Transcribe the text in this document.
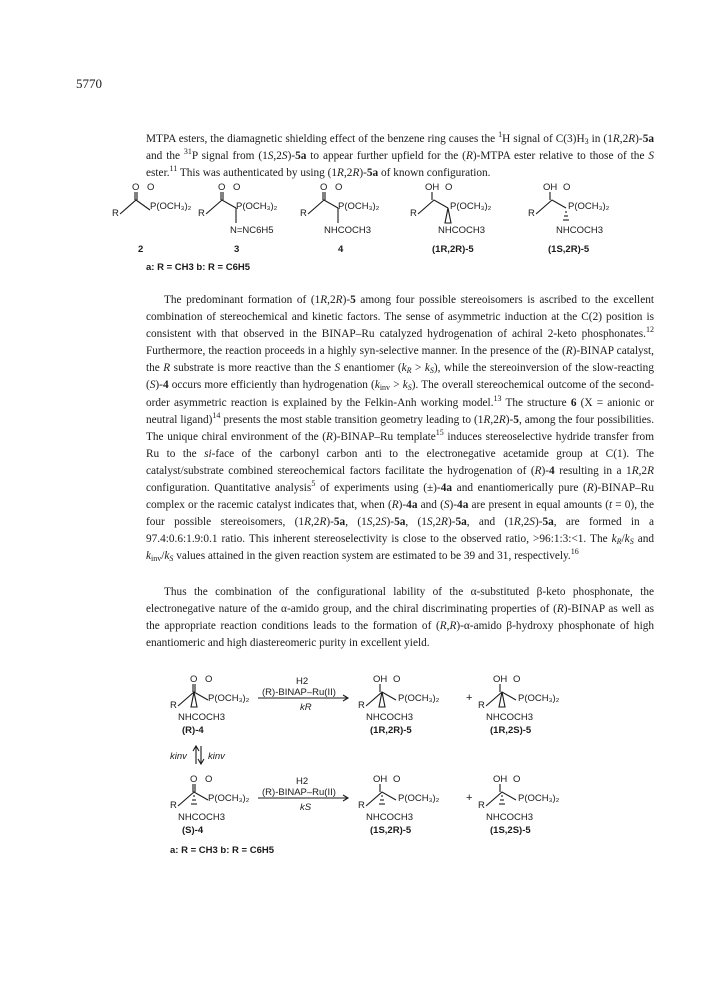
5770

MTPA esters, the diamagnetic shielding effect of the benzene ring causes the $^1$H signal of $C(3)H_3$ in (1R,2R)-5a and the $^{31}$P signal from (1S,2S)-5a to appear further upfield for the (R)-MTPA ester relative to those of the S ester.$^{11}$ This was authenticated by using (1R,2R)-5a of known configuration.

O O
R
P(OCH₃)₂
O O
R
P(OCH₃)₂
N=NC6H5
O O
R
P(OCH₃)₂
NHCOCH3
OH O
R
P(OCH₃)₂
NHCOCH3
OH O
R
P(OCH₃)₂
NHCOCH3
2	3	4	(1R,2R)-5	(1S,2R)-5
a: R = CH3 b: R = C6H5

The predominant formation of (1R,2R)-5 among four possible stereoisomers is ascribed to the excellent combination of stereochemical and kinetic factors. The sense of asymmetric induction at the C(2) position is consistent with that observed in the BINAP–Ru catalyzed hydrogenation of achiral 2-keto phosphonates.$^{12}$ Furthermore, the reaction proceeds in a highly syn-selective manner. In the presence of the (R)-BINAP catalyst, the R substrate is more reactive than the S enantiomer $(k_R > k_S)$, while the stereoinversion of the slow-reacting (S)-4 occurs more efficiently than hydrogenation $(k_{inv} > k_S)$. The overall stereochemical outcome of the second-order asymmetric reaction is explained by the Felkin-Anh working model.$^{13}$ The structure 6 (X = anionic or neutral ligand)$^{14}$ presents the most stable transition geometry leading to (1R,2R)-5, among the four possibilities. The unique chiral environment of the (R)-BINAP–Ru template$^{15}$ induces stereoselective hydride transfer from Ru to the si-face of the carbonyl carbon anti to the electronegative acetamide group at C(1). The catalyst/substrate combined stereochemical factors facilitate the hydrogenation of (R)-4 resulting in a 1R,2R configuration. Quantitative analysis$^5$ of experiments using (±)-4a and enantiomerically pure (R)-BINAP–Ru complex or the racemic catalyst indicates that, when (R)-4a and (S)-4a are present in equal amounts (t = 0), the four possible stereoisomers, (1R,2R)-5a, (1S,2S)-5a, (1S,2R)-5a, and (1R,2S)-5a, are formed in a 97.4:0.6:1.9:0.1 ratio. This inherent stereoselectivity is close to the observed ratio, >96:1:3:<1. The $k_R/k_S$ and $k_{inv}/k_S$ values attained in the given reaction system are estimated to be 39 and 31, respectively.$^{16}$

Thus the combination of the configurational lability of the α-substituted β-keto phosphonate, the electronegative nature of the α-amido group, and the chiral discriminating properties of (R)-BINAP as well as the appropriate reaction conditions leads to the formation of (R,R)-α-amido β-hydroxy phosphonate of high enantiomeric and high diastereomeric purity in excellent yield.

O O
R
P(OCH₃)₂
NHCOCH3
(R)-4
H2
(R)-BINAP–Ru(II)
kR
OH O
R
P(OCH₃)₂
NHCOCH3
(1R,2R)-5
+
OH O
R
P(OCH₃)₂
NHCOCH3
(1R,2S)-5
kinv kinv
O O
R
P(OCH₃)₂
NHCOCH3
(S)-4
H2
(R)-BINAP–Ru(II)
kS
OH O
R
P(OCH₃)₂
NHCOCH3
(1S,2R)-5
+
OH O
R
P(OCH₃)₂
NHCOCH3
(1S,2S)-5
a: R = CH3 b: R = C6H5
